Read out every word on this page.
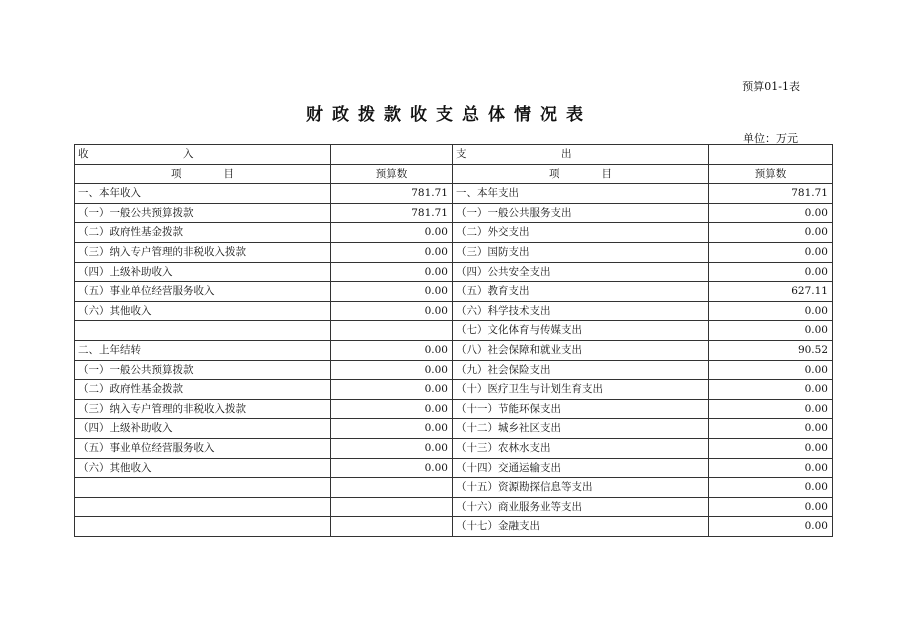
预算01-1表
财政拨款收支总体情况表
单位：万元
收　　　　　　　　　入		支　　　　　　　　　出	
项　　　　目	预算数	项　　　　目	预算数
一、本年收入	781.71	一、本年支出	781.71
（一）一般公共预算拨款	781.71	（一）一般公共服务支出	0.00
（二）政府性基金拨款	0.00	（二）外交支出	0.00
（三）纳入专户管理的非税收入拨款	0.00	（三）国防支出	0.00
（四）上级补助收入	0.00	（四）公共安全支出	0.00
（五）事业单位经营服务收入	0.00	（五）教育支出	627.11
（六）其他收入	0.00	（六）科学技术支出	0.00
		（七）文化体育与传媒支出	0.00
二、上年结转	0.00	（八）社会保障和就业支出	90.52
（一）一般公共预算拨款	0.00	（九）社会保险支出	0.00
（二）政府性基金拨款	0.00	（十）医疗卫生与计划生育支出	0.00
（三）纳入专户管理的非税收入拨款	0.00	（十一）节能环保支出	0.00
（四）上级补助收入	0.00	（十二）城乡社区支出	0.00
（五）事业单位经营服务收入	0.00	（十三）农林水支出	0.00
（六）其他收入	0.00	（十四）交通运输支出	0.00
		（十五）资源勘探信息等支出	0.00
		（十六）商业服务业等支出	0.00
		（十七）金融支出	0.00
